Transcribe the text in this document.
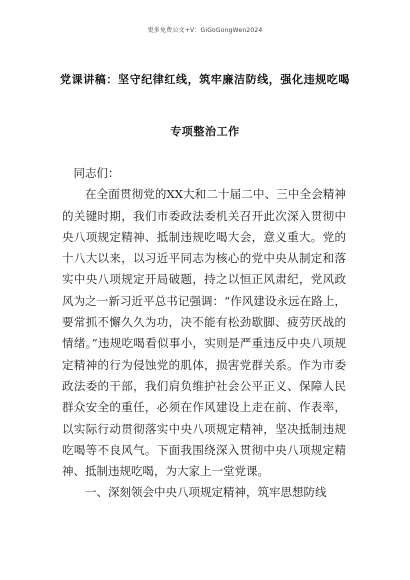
更多免费公文+V：GiGoGongWen2024
党课讲稿：坚守纪律红线，筑牢廉洁防线，强化违规吃喝
专项整治工作

同志们：

在全面贯彻党的XX大和二十届二中、三中全会精神的关键时期，我们市委政法委机关召开此次深入贯彻中央八项规定精神、抵制违规吃喝大会，意义重大。党的十八大以来，以习近平同志为核心的党中央从制定和落实中央八项规定开局破题，持之以恒正风肃纪，党风政风为之一新习近平总书记强调：“作风建设永远在路上，要常抓不懈久久为功，决不能有松劲歇脚、疲劳厌战的情绪。”违规吃喝看似事小，实则是严重违反中央八项规定精神的行为侵蚀党的肌体，损害党群关系。作为市委政法委的干部，我们肩负维护社会公平正义、保障人民群众安全的重任，必须在作风建设上走在前、作表率，以实际行动贯彻落实中央八项规定精神，坚决抵制违规吃喝等不良风气。下面我围绕深入贯彻中央八项规定精神、抵制违规吃喝，为大家上一堂党课。

一、深刻领会中央八项规定精神，筑牢思想防线
